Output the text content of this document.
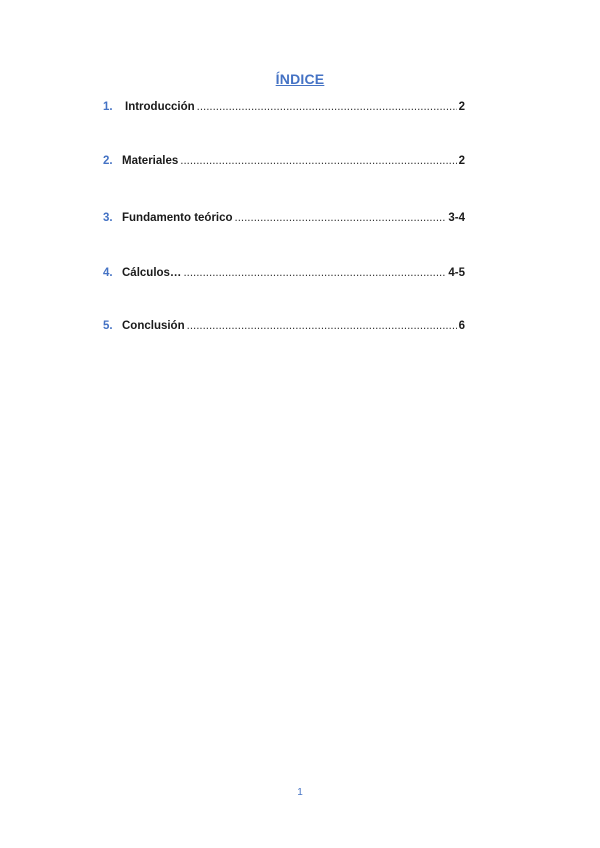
ÍNDICE
1.	Introducción .....	2
2. Materiales .....	2
3. Fundamento teórico .....	3-4
4. Cálculos… .....	4-5
5. Conclusión .....	6
1
